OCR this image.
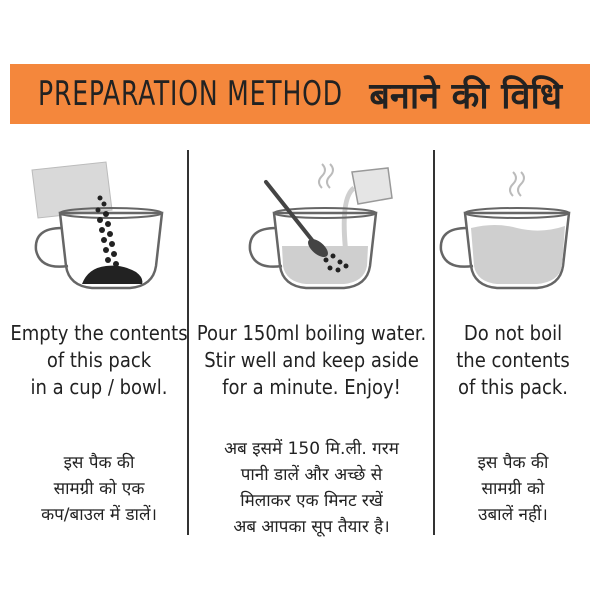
PREPARATION METHOD बनाने की विधि
Empty the contents
of this pack
in a cup / bowl.
इस पैक की
सामग्री को एक
कप/बाउल में डालें।
Pour 150ml boiling water.
Stir well and keep aside
for a minute. Enjoy!
अब इसमें 150 मि.ली. गरम
पानी डालें और अच्छे से
मिलाकर एक मिनट रखें
अब आपका सूप तैयार है।
Do not boil
the contents
of this pack.
इस पैक की
सामग्री को
उबालें नहीं।
